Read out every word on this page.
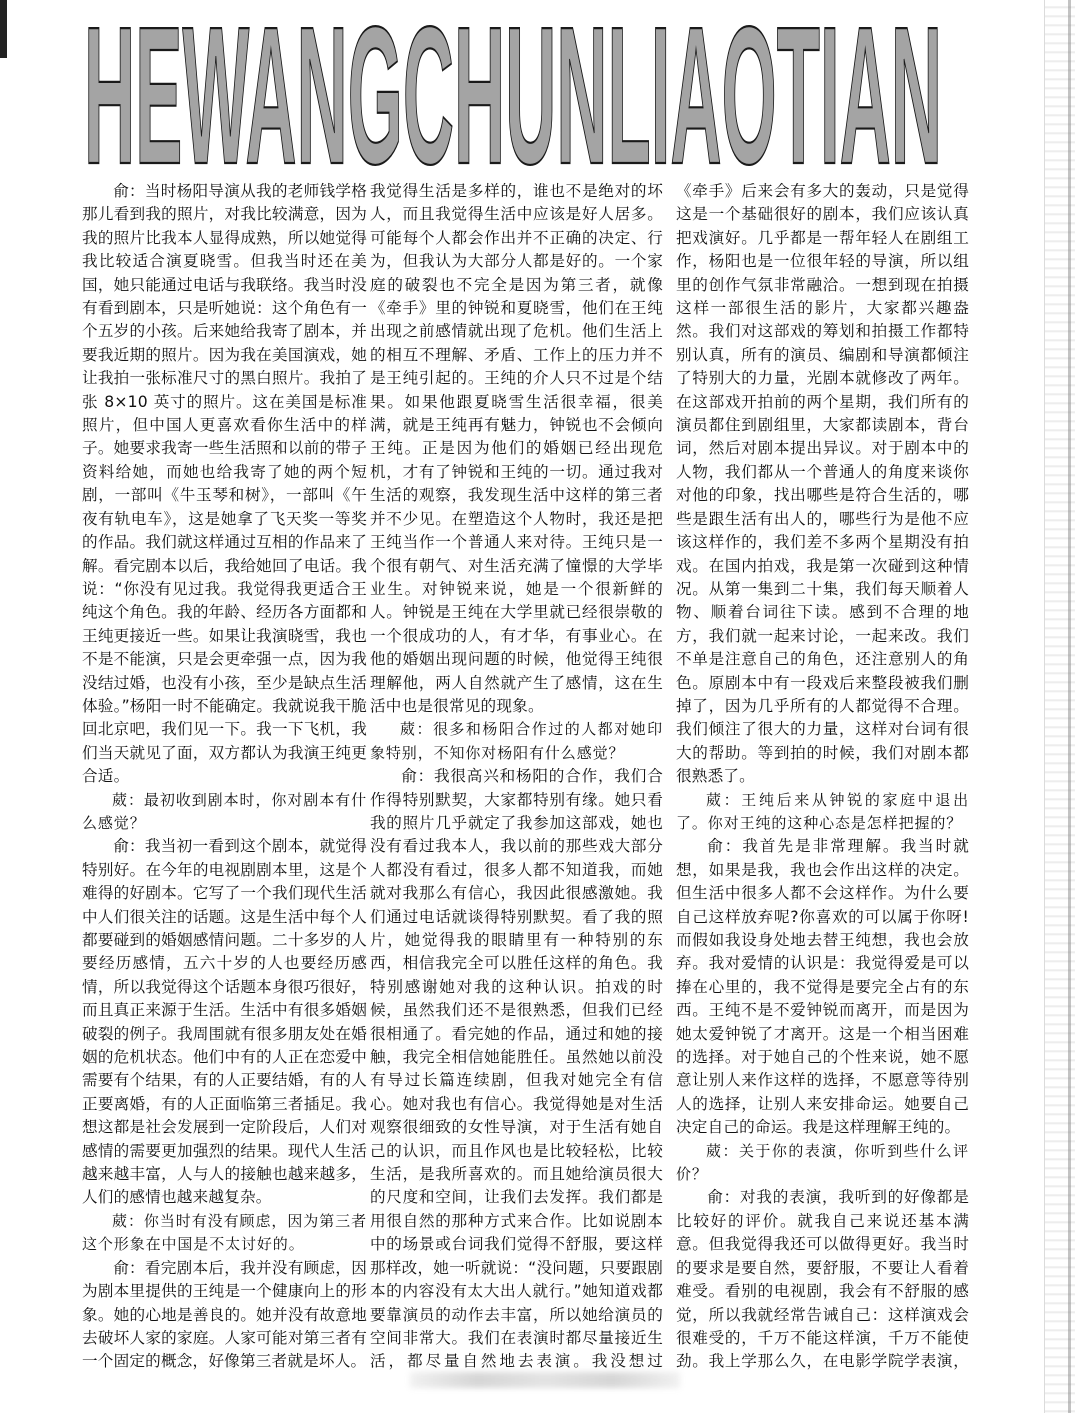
HEWANGCHUNLIAOTIAN

俞：当时杨阳导演从我的老师钱学格那儿看到我的照片，对我比较满意，因为我的照片比我本人显得成熟，所以她觉得我比较适合演夏晓雪。但我当时还在美国，她只能通过电话与我联络。我当时没有看到剧本，只是听她说：这个角色有一个五岁的小孩。后来她给我寄了剧本，并要我近期的照片。因为我在美国演戏，她让我拍一张标准尺寸的黑白照片。我拍了张 8×10 英寸的照片。这在美国是标准照片，但中国人更喜欢看你生活中的样子。她要求我寄一些生活照和以前的带子资料给她，而她也给我寄了她的两个短剧，一部叫《牛玉琴和树》，一部叫《午夜有轨电车》，这是她拿了飞天奖一等奖的作品。我们就这样通过互相的作品来了解。看完剧本以后，我给她回了电话。我说：“你没有见过我。我觉得我更适合王纯这个角色。我的年龄、经历各方面都和王纯更接近一些。如果让我演晓雪，我也不是不能演，只是会更牵强一点，因为我没结过婚，也没有小孩，至少是缺点生活体验。”杨阳一时不能确定。我就说我干脆回北京吧，我们见一下。我一下飞机，我们当天就见了面，双方都认为我演王纯更合适。

葳：最初收到剧本时，你对剧本有什么感觉？

俞：我当初一看到这个剧本，就觉得特别好。在今年的电视剧剧本里，这是个难得的好剧本。它写了一个我们现代生活中人们很关注的话题。这是生活中每个人都要碰到的婚姻感情问题。二十多岁的人要经历感情，五六十岁的人也要经历感情，所以我觉得这个话题本身很巧很好，而且真正来源于生活。生活中有很多婚姻破裂的例子。我周围就有很多朋友处在婚姻的危机状态。他们中有的人正在恋爱中需要有个结果，有的人正要结婚，有的人正要离婚，有的人正面临第三者插足。我想这都是社会发展到一定阶段后，人们对感情的需要更加强烈的结果。现代人生活越来越丰富，人与人的接触也越来越多，人们的感情也越来越复杂。

葳：你当时有没有顾虑，因为第三者这个形象在中国是不太讨好的。

俞：看完剧本后，我并没有顾虑，因为剧本里提供的王纯是一个健康向上的形象。她的心地是善良的。她并没有故意地去破坏人家的家庭。人家可能对第三者有一个固定的概念，好像第三者就是坏人。

我觉得生活是多样的，谁也不是绝对的坏人，而且我觉得生活中应该是好人居多。可能每个人都会作出并不正确的决定、行为，但我认为大部分人都是好的。一个家庭的破裂也不完全是因为第三者，就像《牵手》里的钟锐和夏晓雪，他们在王纯出现之前感情就出现了危机。他们生活上的相互不理解、矛盾、工作上的压力并不是王纯引起的。王纯的介人只不过是个结果。如果他跟夏晓雪生活很幸福，很美满，就是王纯再有魅力，钟锐也不会倾向王纯。正是因为他们的婚姻已经出现危机，才有了钟锐和王纯的一切。通过我对生活的观察，我发现生活中这样的第三者并不少见。在塑造这个人物时，我还是把王纯当作一个普通人来对待。王纯只是一个很有朝气、对生活充满了憧憬的大学毕业生。对钟锐来说，她是一个很新鲜的人。钟锐是王纯在大学里就已经很崇敬的一个很成功的人，有才华，有事业心。在他的婚姻出现问题的时候，他觉得王纯很理解他，两人自然就产生了感情，这在生活中也是很常见的现象。

葳：很多和杨阳合作过的人都对她印象特别，不知你对杨阳有什么感觉？

俞：我很高兴和杨阳的合作，我们合作得特别默契，大家都特别有缘。她只看我的照片几乎就定了我参加这部戏，她也没有看过我本人，我以前的那些戏大部分人都没有看过，很多人都不知道我，而她就对我那么有信心，我因此很感激她。我们通过电话就谈得特别默契。看了我的照片，她觉得我的眼睛里有一种特别的东西，相信我完全可以胜任这样的角色。我特别感谢她对我的这种认识。拍戏的时候，虽然我们还不是很熟悉，但我们已经很相通了。看完她的作品，通过和她的接触，我完全相信她能胜任。虽然她以前没有导过长篇连续剧，但我对她完全有信心。她对我也有信心。我觉得她是对生活观察很细致的女性导演，对于生活有她自己的认识，而且作风也是比较轻松，比较生活，是我所喜欢的。而且她给演员很大的尺度和空间，让我们去发挥。我们都是用很自然的那种方式来合作。比如说剧本中的场景或台词我们觉得不舒服，要这样那样改，她一听就说：“没问题，只要跟剧本的内容没有太大出人就行。”她知道戏都要靠演员的动作去丰富，所以她给演员的空间非常大。我们在表演时都尽量接近生活，都尽量自然地去表演。我没想过

《牵手》后来会有多大的轰动，只是觉得这是一个基础很好的剧本，我们应该认真把戏演好。几乎都是一帮年轻人在剧组工作，杨阳也是一位很年轻的导演，所以组里的创作气氛非常融洽。一想到现在拍摄这样一部很生活的影片，大家都兴趣盎然。我们对这部戏的筹划和拍摄工作都特别认真，所有的演员、编剧和导演都倾注了特别大的力量，光剧本就修改了两年。在这部戏开拍前的两个星期，我们所有的演员都住到剧组里，大家都读剧本，背台词，然后对剧本提出异议。对于剧本中的人物，我们都从一个普通人的角度来谈你对他的印象，找出哪些是符合生活的，哪些是跟生活有出人的，哪些行为是他不应该这样作的，我们差不多两个星期没有拍戏。在国内拍戏，我是第一次碰到这种情况。从第一集到二十集，我们每天顺着人物、顺着台词往下读。感到不合理的地方，我们就一起来讨论，一起来改。我们不单是注意自己的角色，还注意别人的角色。原剧本中有一段戏后来整段被我们删掉了，因为几乎所有的人都觉得不合理。我们倾注了很大的力量，这样对台词有很大的帮助。等到拍的时候，我们对剧本都很熟悉了。

葳：王纯后来从钟锐的家庭中退出了。你对王纯的这种心态是怎样把握的？

俞：我首先是非常理解。我当时就想，如果是我，我也会作出这样的决定。但生活中很多人都不会这样作。为什么要自己这样放弃呢?你喜欢的可以属于你呀!而假如我设身处地去替王纯想，我也会放弃。我对爱情的认识是：我觉得爱是可以捧在心里的，我不觉得是要完全占有的东西。王纯不是不爱钟锐而离开，而是因为她太爱钟锐了才离开。这是一个相当困难的选择。对于她自己的个性来说，她不愿意让别人来作这样的选择，不愿意等待别人的选择，让别人来安排命运。她要自己决定自己的命运。我是这样理解王纯的。

葳：关于你的表演，你听到些什么评价？

俞：对我的表演，我听到的好像都是比较好的评价。就我自己来说还基本满意。但我觉得我还可以做得更好。我当时的要求是要自然，要舒服，不要让人看着难受。看别的电视剧，我会有不舒服的感觉，所以我就经常告诫自己：这样演戏会很难受的，千万不能这样演，千万不能使劲。我上学那么久，在电影学院学表演，
